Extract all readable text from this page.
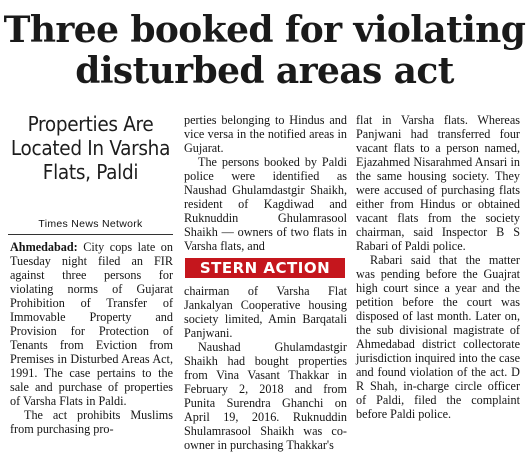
Three booked for violating
disturbed areas act
Properties Are Located In Varsha Flats, Paldi
Times News Network

Ahmedabad: City cops late on Tuesday night filed an FIR against three persons for violating norms of Gujarat Prohibition of Transfer of Immovable Property and Provision for Protection of Tenants from Eviction from Premises in Disturbed Areas Act, 1991. The case pertains to the sale and purchase of properties of Varsha Flats in Paldi.

The act prohibits Muslims from purchasing pro-

perties belonging to Hindus and vice versa in the notified areas in Gujarat.

The persons booked by Paldi police were identified as Naushad Ghulamdastgir Shaikh, resident of Kagdiwad and Ruknuddin Ghulamrasool Shaikh — owners of two flats in Varsha flats, and

STERN ACTION

chairman of Varsha Flat Jankalyan Cooperative housing society limited, Amin Barqatali Panjwani.

Naushad Ghulamdastgir Shaikh had bought properties from Vina Vasant Thakkar in February 2, 2018 and from Punita Surendra Ghanchi on April 19, 2016. Ruknuddin Shulamrasool Shaikh was co-owner in purchasing Thakkar's

flat in Varsha flats. Whereas Panjwani had transferred four vacant flats to a person named, Ejazahmed Nisarahmed Ansari in the same housing society. They were accused of purchasing flats either from Hindus or obtained vacant flats from the society chairman, said Inspector B S Rabari of Paldi police.

Rabari said that the matter was pending before the Guajrat high court since a year and the petition before the court was disposed of last month. Later on, the sub divisional magistrate of Ahmedabad district collectorate jurisdiction inquired into the case and found violation of the act. D R Shah, in-charge circle officer of Paldi, filed the complaint before Paldi police.
